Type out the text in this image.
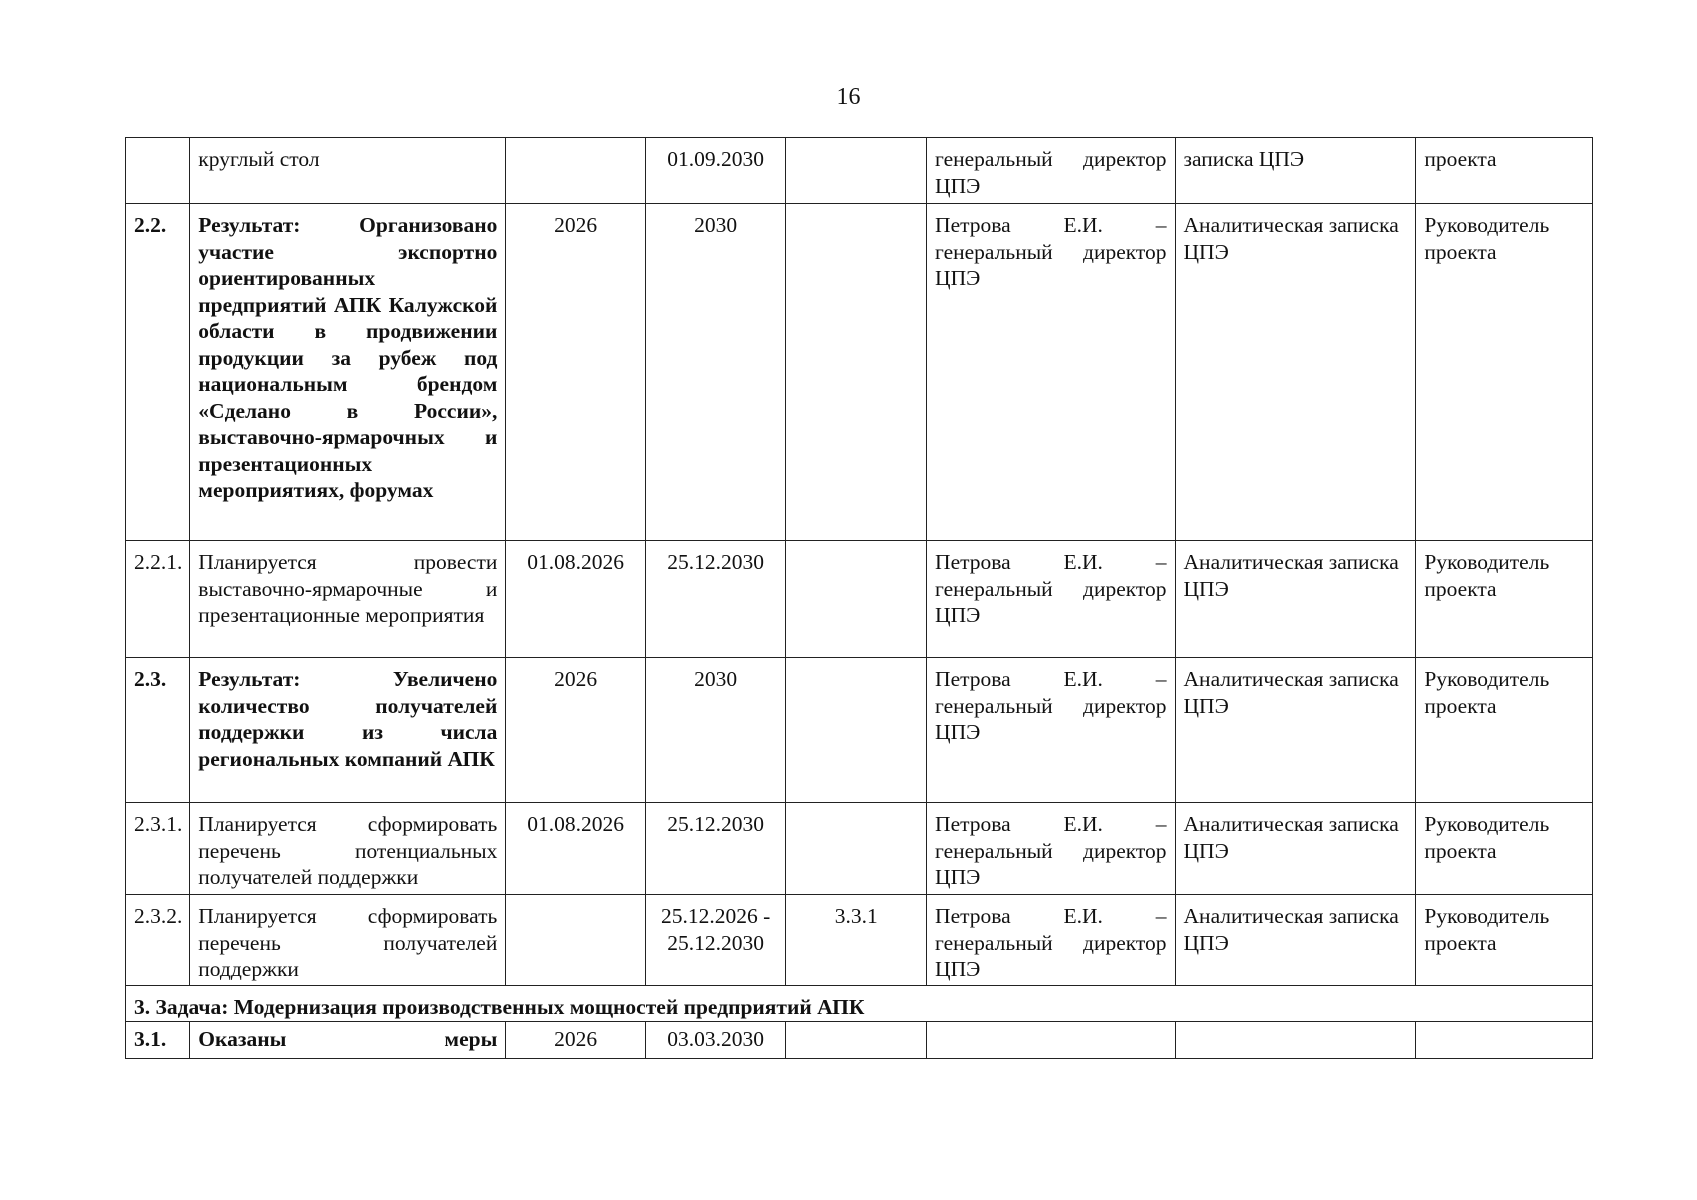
16
	круглый стол		01.09.2030		генеральный директор ЦПЭ	записка ЦПЭ	проекта
2.2.	Результат: Организовано участие экспортно ориентированных предприятий АПК Калужской области в продвижении продукции за рубеж под национальным брендом «Сделано в России», выставочно-ярмарочных и презентационных мероприятиях, форумах	2026	2030		Петрова Е.И. – генеральный директор ЦПЭ	Аналитическая записка ЦПЭ	Руководитель проекта
2.2.1.	Планируется провести выставочно-ярмарочные и презентационные мероприятия	01.08.2026	25.12.2030		Петрова Е.И. – генеральный директор ЦПЭ	Аналитическая записка ЦПЭ	Руководитель проекта
2.3.	Результат: Увеличено количество получателей поддержки из числа региональных компаний АПК	2026	2030		Петрова Е.И. – генеральный директор ЦПЭ	Аналитическая записка ЦПЭ	Руководитель проекта
2.3.1.	Планируется сформировать перечень потенциальных получателей поддержки	01.08.2026	25.12.2030		Петрова Е.И. – генеральный директор ЦПЭ	Аналитическая записка ЦПЭ	Руководитель проекта
2.3.2.	Планируется сформировать перечень получателей поддержки		25.12.2026 - 25.12.2030	3.3.1	Петрова Е.И. – генеральный директор ЦПЭ	Аналитическая записка ЦПЭ	Руководитель проекта
3. Задача: Модернизация производственных мощностей предприятий АПК							
3.1.	Оказаны меры	2026	03.03.2030				
